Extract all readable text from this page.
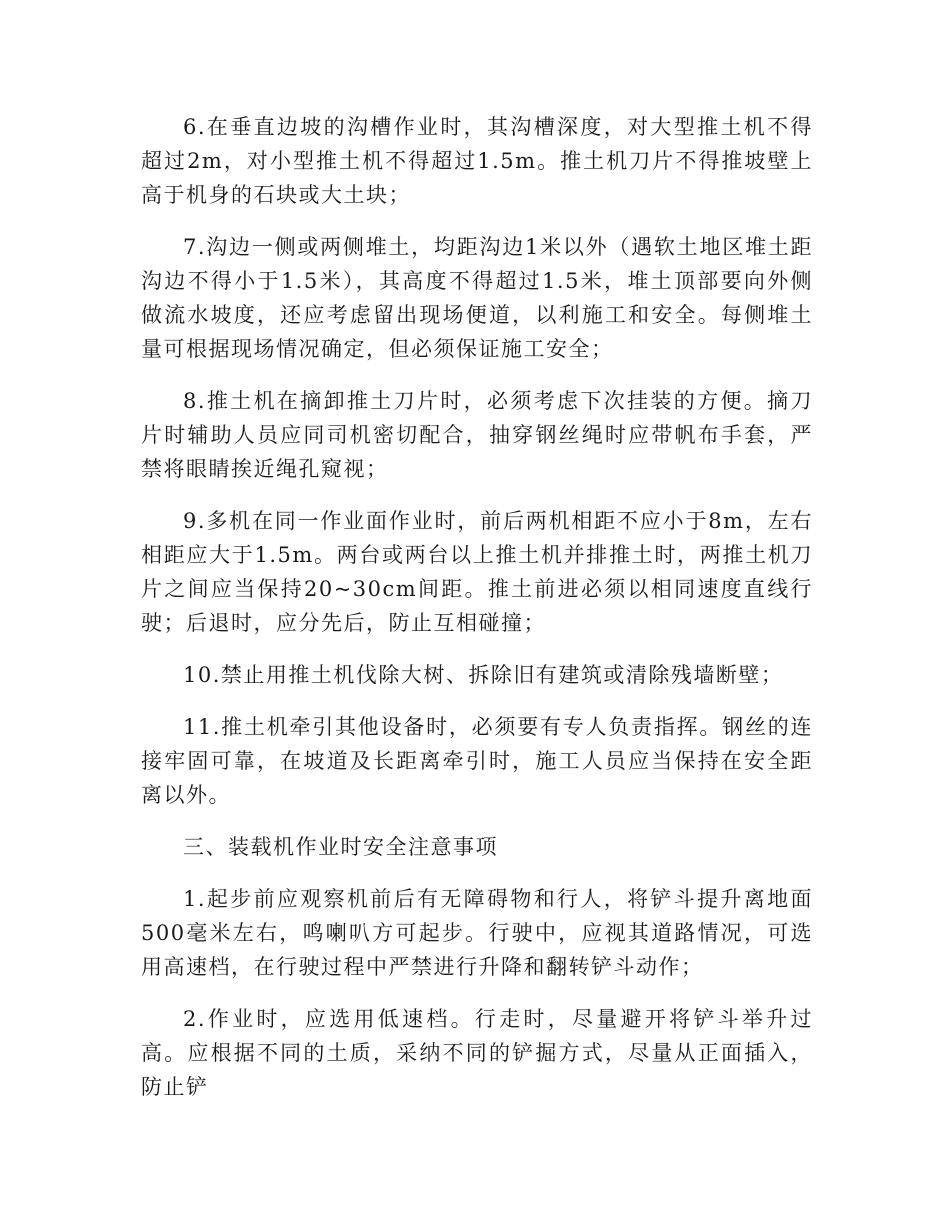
6.在垂直边坡的沟槽作业时，其沟槽深度，对大型推土机不得超过2m，对小型推土机不得超过1.5m。推土机刀片不得推坡壁上高于机身的石块或大土块；

7.沟边一侧或两侧堆土，均距沟边1米以外（遇软土地区堆土距沟边不得小于1.5米），其高度不得超过1.5米，堆土顶部要向外侧做流水坡度，还应考虑留出现场便道，以利施工和安全。每侧堆土量可根据现场情况确定，但必须保证施工安全；

8.推土机在摘卸推土刀片时，必须考虑下次挂装的方便。摘刀片时辅助人员应同司机密切配合，抽穿钢丝绳时应带帆布手套，严禁将眼睛挨近绳孔窥视；

9.多机在同一作业面作业时，前后两机相距不应小于8m，左右相距应大于1.5m。两台或两台以上推土机并排推土时，两推土机刀片之间应当保持20~30cm间距。推土前进必须以相同速度直线行驶；后退时，应分先后，防止互相碰撞；

10.禁止用推土机伐除大树、拆除旧有建筑或清除残墙断壁；

11.推土机牵引其他设备时，必须要有专人负责指挥。钢丝的连接牢固可靠，在坡道及长距离牵引时，施工人员应当保持在安全距离以外。

三、装载机作业时安全注意事项

1.起步前应观察机前后有无障碍物和行人，将铲斗提升离地面500毫米左右，鸣喇叭方可起步。行驶中，应视其道路情况，可选用高速档，在行驶过程中严禁进行升降和翻转铲斗动作；

2.作业时，应选用低速档。行走时，尽量避开将铲斗举升过高。应根据不同的土质，采纳不同的铲掘方式，尽量从正面插入，防止铲
